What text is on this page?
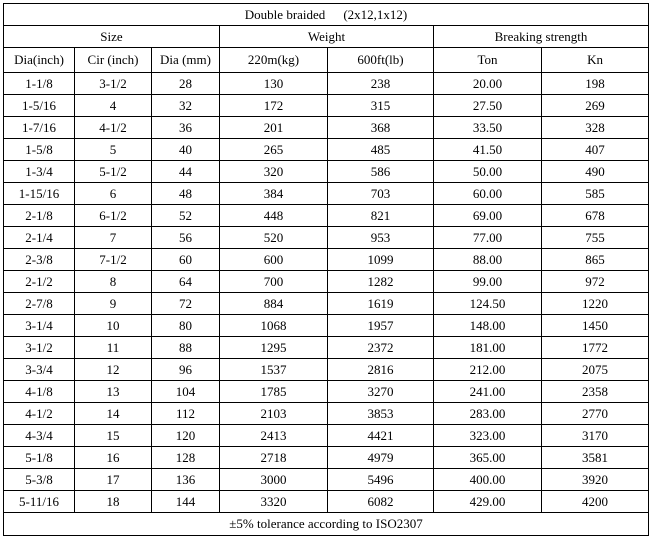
Double braided (2x12,1x12)						
Size			Weight		Breaking strength	
Dia(inch)	Cir (inch)	Dia (mm)	220m(kg)	600ft(lb)	Ton	Kn
1-1/8	3-1/2	28	130	238	20.00	198
1-5/16	4	32	172	315	27.50	269
1-7/16	4-1/2	36	201	368	33.50	328
1-5/8	5	40	265	485	41.50	407
1-3/4	5-1/2	44	320	586	50.00	490
1-15/16	6	48	384	703	60.00	585
2-1/8	6-1/2	52	448	821	69.00	678
2-1/4	7	56	520	953	77.00	755
2-3/8	7-1/2	60	600	1099	88.00	865
2-1/2	8	64	700	1282	99.00	972
2-7/8	9	72	884	1619	124.50	1220
3-1/4	10	80	1068	1957	148.00	1450
3-1/2	11	88	1295	2372	181.00	1772
3-3/4	12	96	1537	2816	212.00	2075
4-1/8	13	104	1785	3270	241.00	2358
4-1/2	14	112	2103	3853	283.00	2770
4-3/4	15	120	2413	4421	323.00	3170
5-1/8	16	128	2718	4979	365.00	3581
5-3/8	17	136	3000	5496	400.00	3920
5-11/16	18	144	3320	6082	429.00	4200
±5% tolerance according to ISO2307						
